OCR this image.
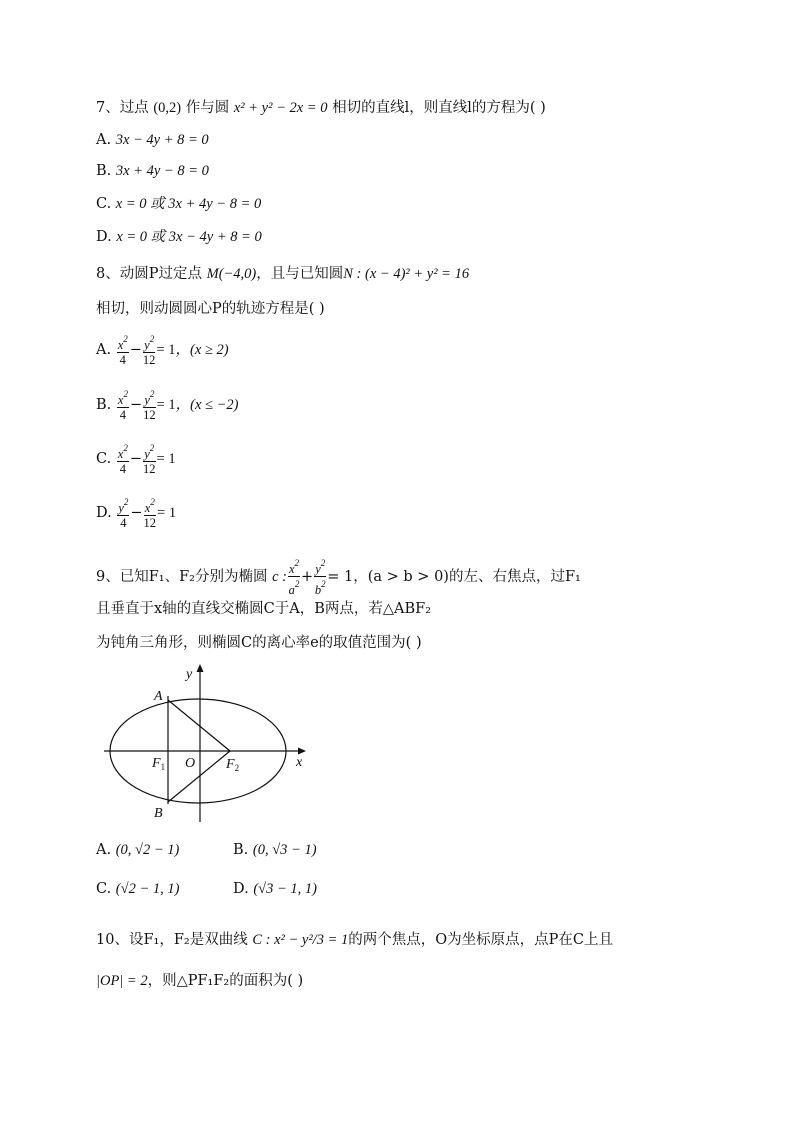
7、过点 (0,2) 作与圆 x² + y² − 2x = 0 相切的直线l，则直线l的方程为( )
A. 3x − 4y + 8 = 0
B. 3x + 4y − 8 = 0
C. x = 0 或 3x + 4y − 8 = 0
D. x = 0 或 3x − 4y + 8 = 0
8、动圆P过定点 M(−4,0)，且与已知圆N : (x − 4)² + y² = 16
相切，则动圆圆心P的轨迹方程是( )
A. $\frac{x^2}{4} - \frac{y^2}{12} = 1$，(x ≥ 2)
B. $\frac{x^2}{4} - \frac{y^2}{12} = 1$，(x ≤ −2)
C. $\frac{x^2}{4} - \frac{y^2}{12} = 1$
D. $\frac{y^2}{4} - \frac{x^2}{12} = 1$
9、已知F₁、F₂分别为椭圆 c : $\frac{x^2}{a^2} + \frac{y^2}{b^2} = 1$，(a > b > 0)的左、右焦点，过F₁
且垂直于x轴的直线交椭圆C于A，B两点，若△ABF₂
为钝角三角形，则椭圆C的离心率e的取值范围为( )
y
x
A
B
O
$F_1$	$F_2$
A. (0, √2 − 1)	B. (0, √3 − 1)
C. (√2 − 1, 1)	D. (√3 − 1, 1)
10、设F₁，F₂是双曲线 C : x² − y²/3 = 1的两个焦点，O为坐标原点，点P在C上且
|OP| = 2，则△PF₁F₂的面积为( )
